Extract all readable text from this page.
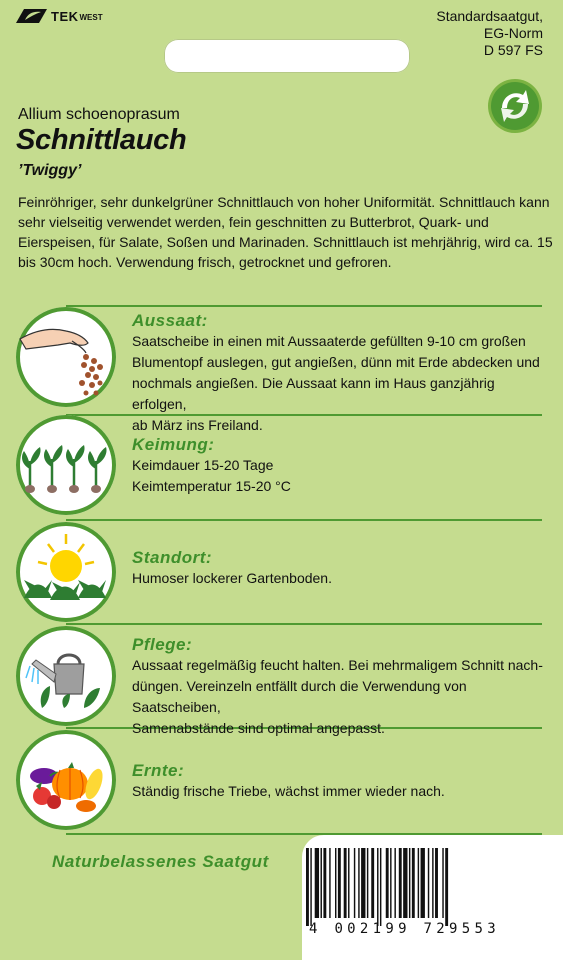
TEK WEST	Standardsaatgut,
EG-Norm
D 597 FS
Allium schoenoprasum
Schnittlauch
’Twiggy’
Feinröhriger, sehr dunkelgrüner Schnittlauch von hoher Uniformität. Schnittlauch kann sehr vielseitig verwendet werden, fein geschnitten zu Butterbrot, Quark- und Eierspeisen, für Salate, Soßen und Marinaden. Schnittlauch ist mehrjährig, wird ca. 15 bis 30cm hoch. Verwendung frisch, getrocknet und gefroren.
Aussaat:
Saatscheibe in einen mit Aussaaterde gefüllten 9-10 cm großen
Blumentopf auslegen, gut angießen, dünn mit Erde abdecken und
nochmals angießen. Die Aussaat kann im Haus ganzjährig erfolgen,
ab März ins Freiland.
Keimung:
Keimdauer 15-20 Tage
Keimtemperatur 15-20 °C
Standort:
Humoser lockerer Gartenboden.
Pflege:
Aussaat regelmäßig feucht halten. Bei mehrmaligem Schnitt nach-
düngen. Vereinzeln entfällt durch die Verwendung von Saatscheiben,
Samenabstände sind optimal angepasst.
Ernte:
Ständig frische Triebe, wächst immer wieder nach.
Naturbelassenes Saatgut
4 002199 729553
